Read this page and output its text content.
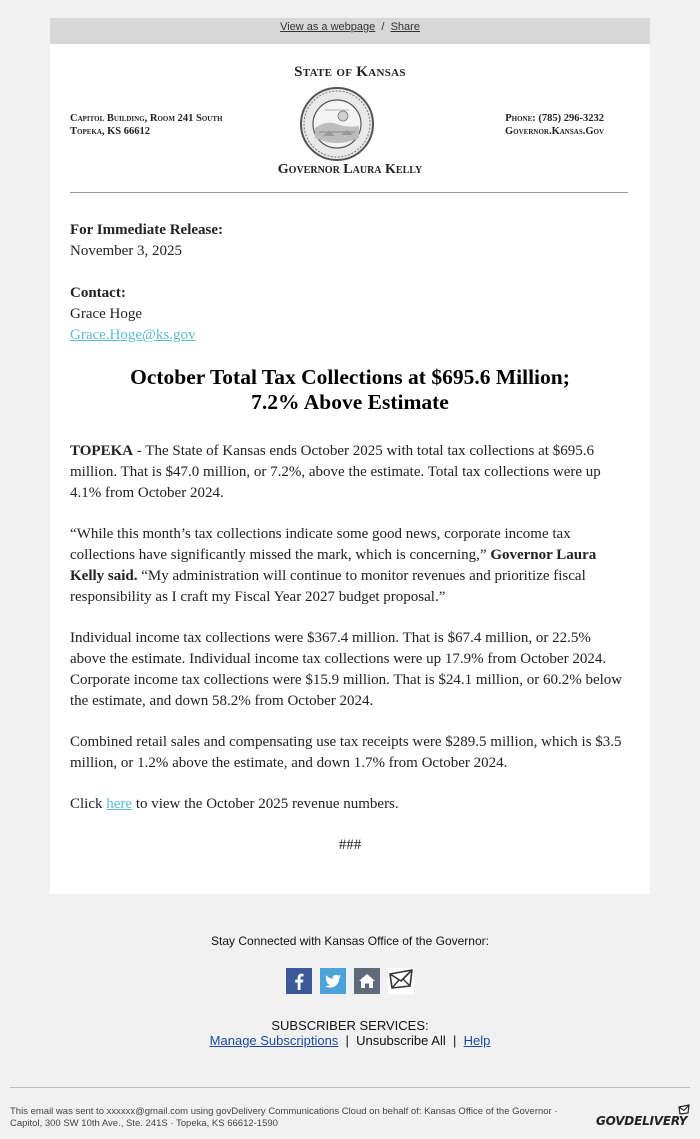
View as a webpage / Share
State of Kansas
Capitol Building, Room 241 South
Topeka, KS 66612
Phone: (785) 296-3232
Governor.Kansas.Gov
Governor Laura Kelly

For Immediate Release:

November 3, 2025

Contact:

Grace Hoge

Grace.Hoge@ks.gov

October Total Tax Collections at $695.6 Million;

7.2% Above Estimate

TOPEKA - The State of Kansas ends October 2025 with total tax collections at $695.6 million. That is $47.0 million, or 7.2%, above the estimate. Total tax collections were up 4.1% from October 2024.

“While this month’s tax collections indicate some good news, corporate income tax collections have significantly missed the mark, which is concerning,” Governor Laura Kelly said. “My administration will continue to monitor revenues and prioritize fiscal responsibility as I craft my Fiscal Year 2027 budget proposal.”

Individual income tax collections were $367.4 million. That is $67.4 million, or 22.5% above the estimate. Individual income tax collections were up 17.9% from October 2024. Corporate income tax collections were $15.9 million. That is $24.1 million, or 60.2% below the estimate, and down 58.2% from October 2024.

Combined retail sales and compensating use tax receipts were $289.5 million, which is $3.5 million, or 1.2% above the estimate, and down 1.7% from October 2024.

Click here to view the October 2025 revenue numbers.

###

Stay Connected with Kansas Office of the Governor:
SUBSCRIBER SERVICES:
Manage Subscriptions  |  Unsubscribe All  |  Help
This email was sent to xxxxxx@gmail.com using govDelivery Communications Cloud on behalf of: Kansas Office of the Governor · Capitol, 300 SW 10th Ave., Ste. 241S · Topeka, KS 66612-1590	GOVDELIVERY
